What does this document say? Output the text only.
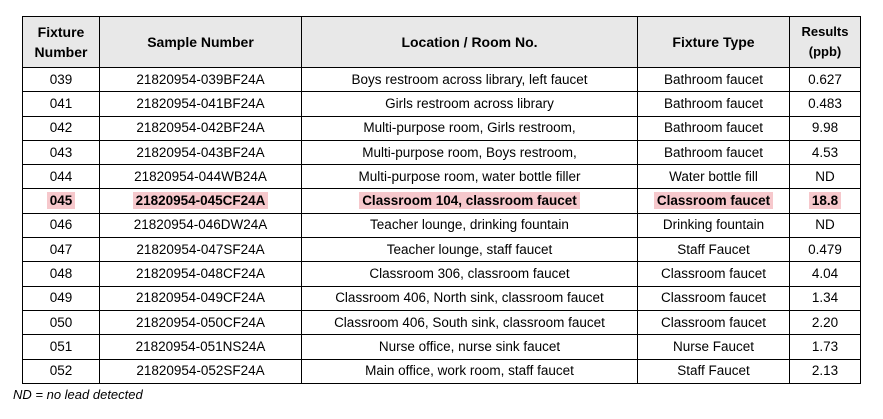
Fixture Number	Sample Number	Location / Room No.	Fixture Type	Results (ppb)

039	21820954-039BF24A	Boys restroom across library, left faucet	Bathroom faucet	0.627
041	21820954-041BF24A	Girls restroom across library	Bathroom faucet	0.483
042	21820954-042BF24A	Multi-purpose room, Girls restroom,	Bathroom faucet	9.98
043	21820954-043BF24A	Multi-purpose room, Boys restroom,	Bathroom faucet	4.53
044	21820954-044WB24A	Multi-purpose room, water bottle filler	Water bottle fill	ND
045	21820954-045CF24A	Classroom 104, classroom faucet	Classroom faucet	18.8
046	21820954-046DW24A	Teacher lounge, drinking fountain	Drinking fountain	ND
047	21820954-047SF24A	Teacher lounge, staff faucet	Staff Faucet	0.479
048	21820954-048CF24A	Classroom 306, classroom faucet	Classroom faucet	4.04
049	21820954-049CF24A	Classroom 406, North sink, classroom faucet	Classroom faucet	1.34
050	21820954-050CF24A	Classroom 406, South sink, classroom faucet	Classroom faucet	2.20
051	21820954-051NS24A	Nurse office, nurse sink faucet	Nurse Faucet	1.73
052	21820954-052SF24A	Main office, work room, staff faucet	Staff Faucet	2.13
ND = no lead detected
